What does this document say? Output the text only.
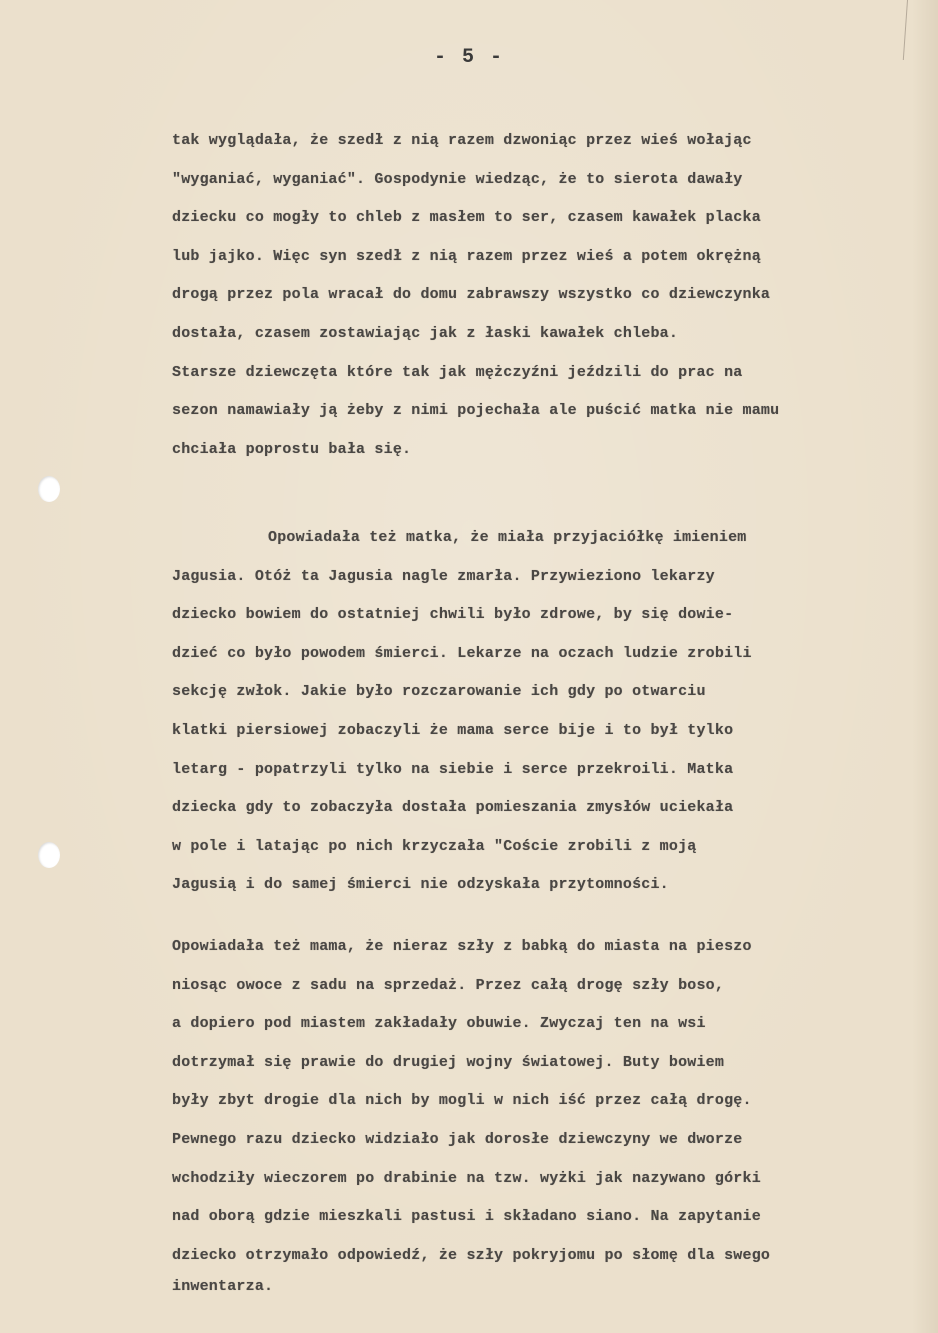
- 5 -
tak wyglądała, że szedł z nią razem dzwoniąc przez wieś wołając
"wyganiać, wyganiać". Gospodynie wiedząc, że to sierota dawały
dziecku co mogły to chleb z masłem to ser, czasem kawałek placka
lub jajko. Więc syn szedł z nią razem przez wieś a potem okrężną
drogą przez pola wracał do domu zabrawszy wszystko co dziewczynka
dostała, czasem zostawiając jak z łaski kawałek chleba.
Starsze dziewczęta które tak jak mężczyźni jeździli do prac na
sezon namawiały ją żeby z nimi pojechała ale puścić matka nie mamu
chciała poprostu bała się.
Opowiadała też matka, że miała przyjaciółkę imieniem
Jagusia. Otóż ta Jagusia nagle zmarła. Przywieziono lekarzy
dziecko bowiem do ostatniej chwili było zdrowe, by się dowie-
dzieć co było powodem śmierci. Lekarze na oczach ludzie zrobili
sekcję zwłok. Jakie było rozczarowanie ich gdy po otwarciu
klatki piersiowej zobaczyli że mama serce bije i to był tylko
letarg - popatrzyli tylko na siebie i serce przekroili. Matka
dziecka gdy to zobaczyła dostała pomieszania zmysłów uciekała
w pole i latając po nich krzyczała "Coście zrobili z moją
Jagusią i do samej śmierci nie odzyskała przytomności.
Opowiadała też mama, że nieraz szły z babką do miasta na pieszo
niosąc owoce z sadu na sprzedaż. Przez całą drogę szły boso,
a dopiero pod miastem zakładały obuwie. Zwyczaj ten na wsi
dotrzymał się prawie do drugiej wojny światowej. Buty bowiem
były zbyt drogie dla nich by mogli w nich iść przez całą drogę.
Pewnego razu dziecko widziało jak dorosłe dziewczyny we dworze
wchodziły wieczorem po drabinie na tzw. wyżki jak nazywano górki
nad oborą gdzie mieszkali pastusi i składano siano. Na zapytanie
dziecko otrzymało odpowiedź, że szły pokryjomu po słomę dla swego
inwentarza.
